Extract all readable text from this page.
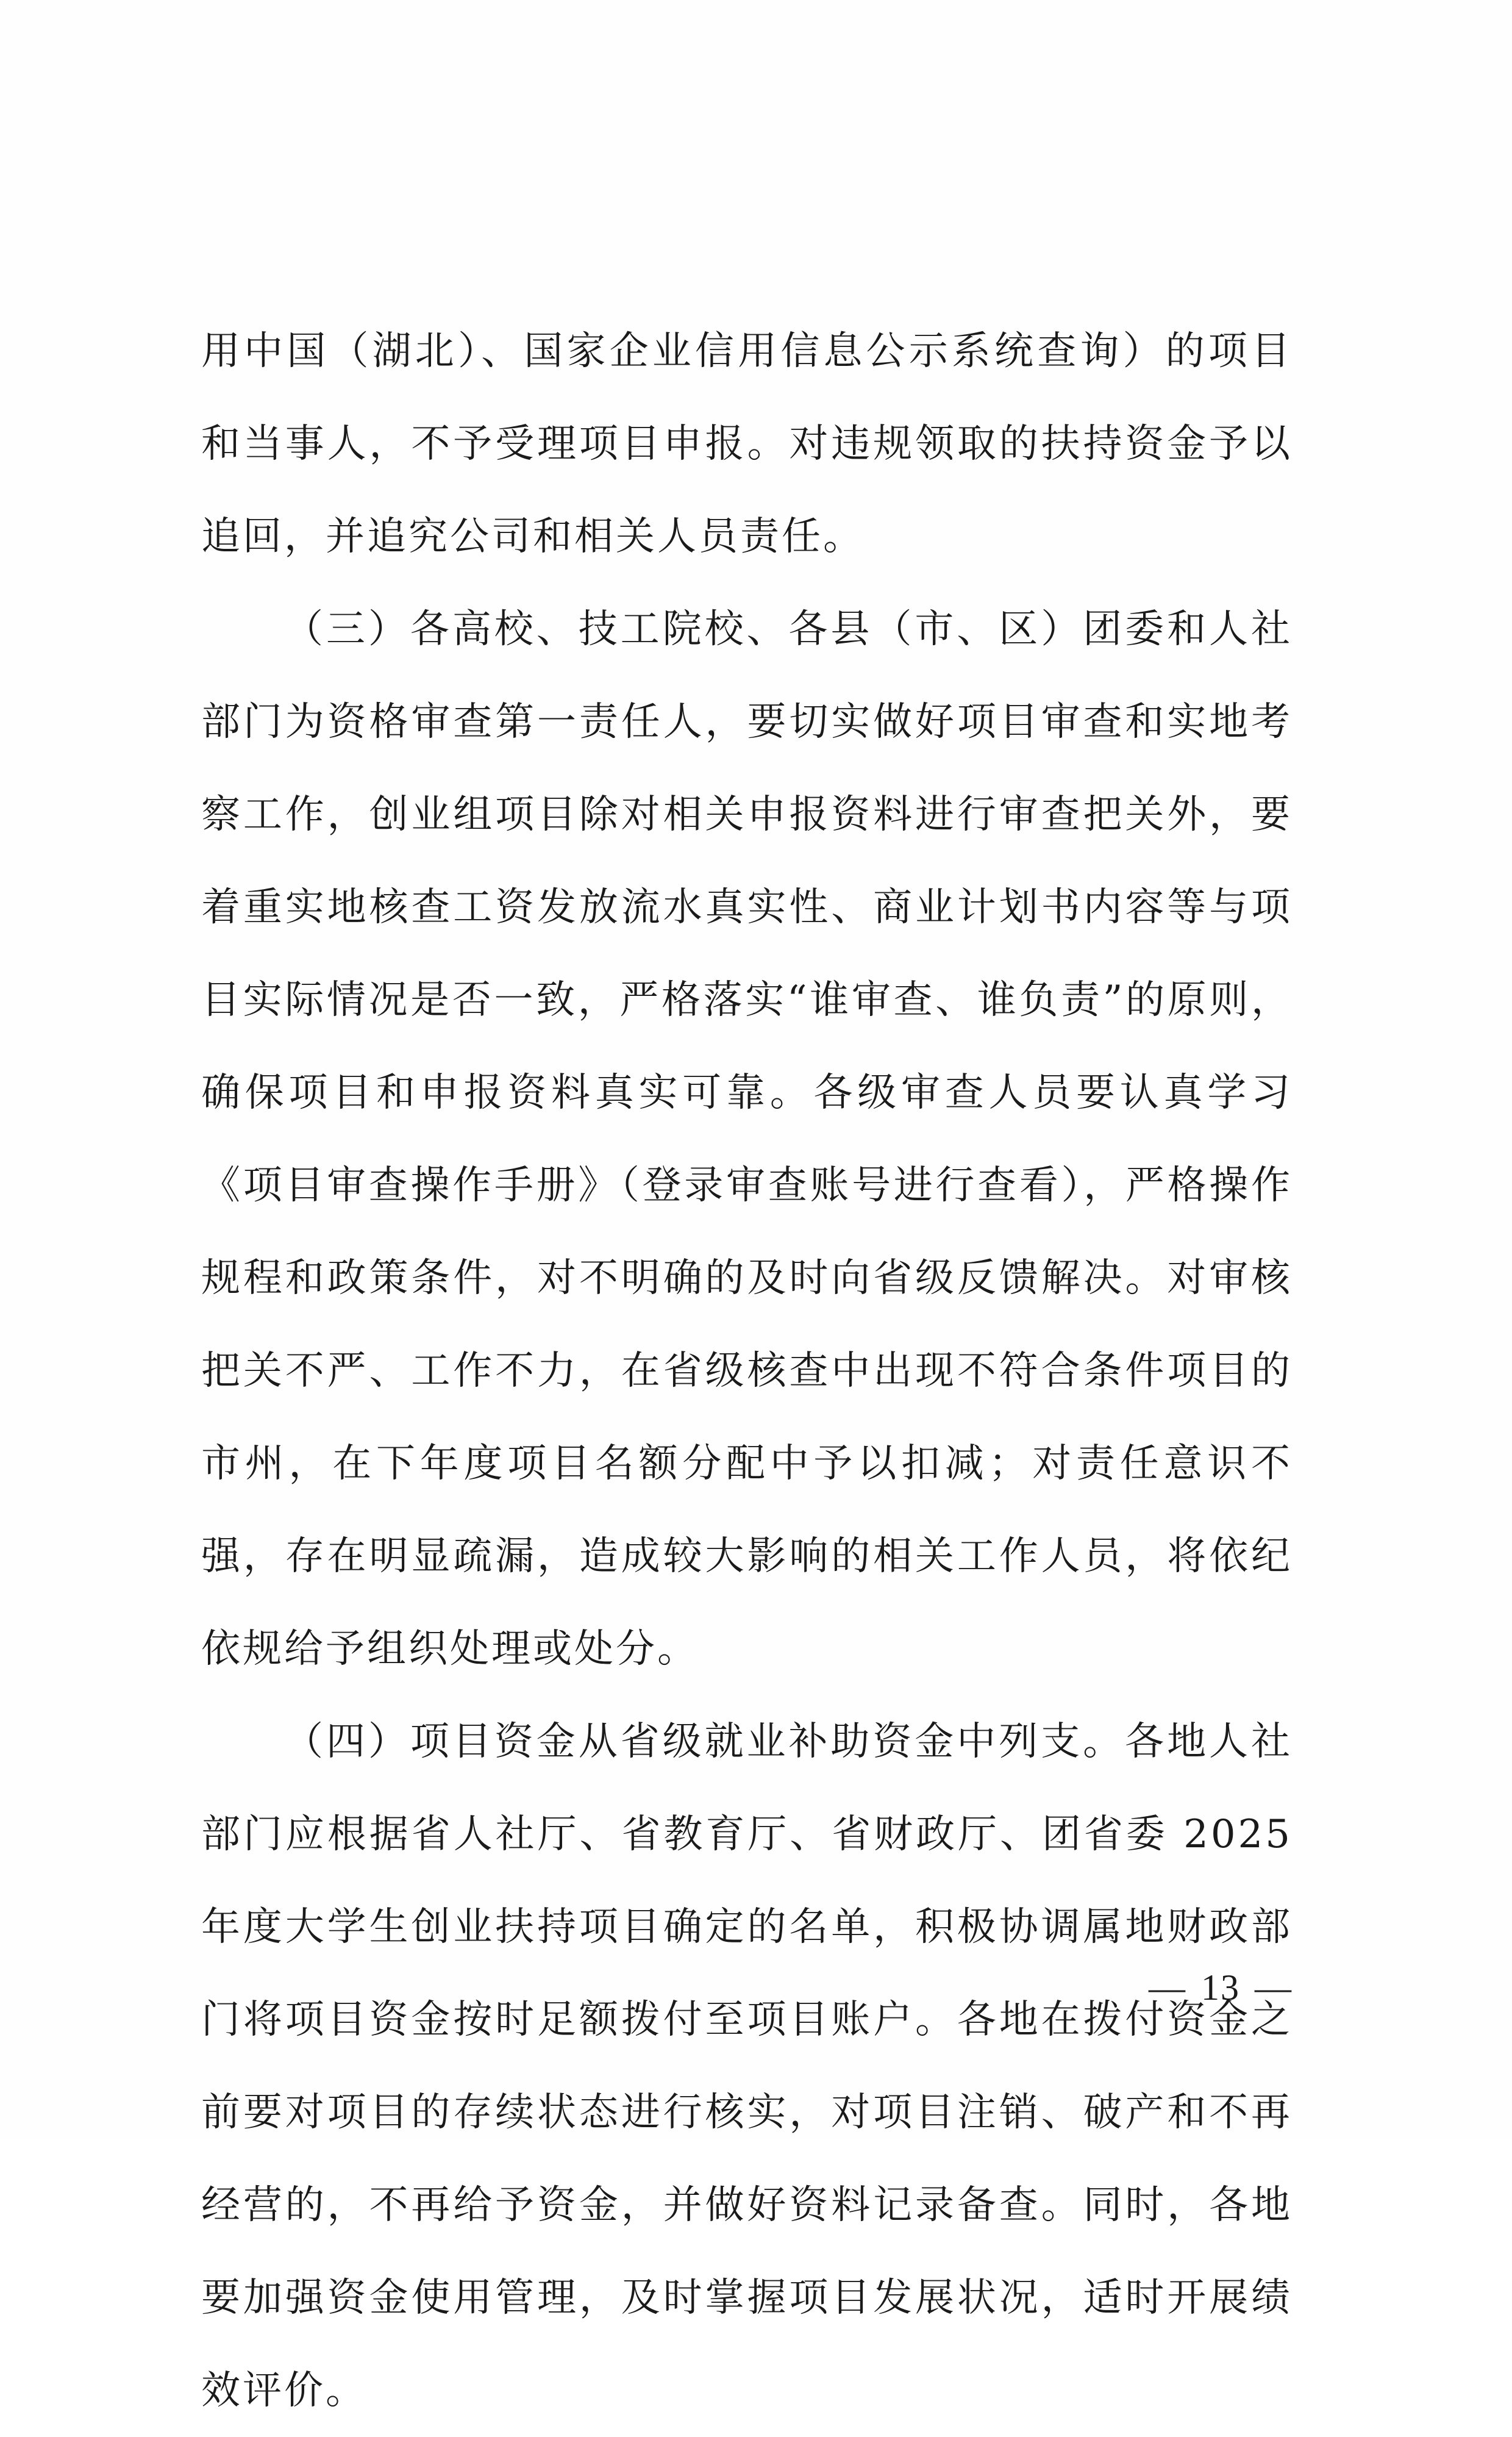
用中国（湖北）、国家企业信用信息公示系统查询）的项目和当事人，不予受理项目申报。对违规领取的扶持资金予以追回，并追究公司和相关人员责任。

（三）各高校、技工院校、各县（市、区）团委和人社部门为资格审查第一责任人，要切实做好项目审查和实地考察工作，创业组项目除对相关申报资料进行审查把关外，要着重实地核查工资发放流水真实性、商业计划书内容等与项目实际情况是否一致，严格落实“谁审查、谁负责”的原则，确保项目和申报资料真实可靠。各级审查人员要认真学习《项目审查操作手册》（登录审查账号进行查看），严格操作规程和政策条件，对不明确的及时向省级反馈解决。对审核把关不严、工作不力，在省级核查中出现不符合条件项目的市州，在下年度项目名额分配中予以扣减；对责任意识不强，存在明显疏漏，造成较大影响的相关工作人员，将依纪依规给予组织处理或处分。

（四）项目资金从省级就业补助资金中列支。各地人社部门应根据省人社厅、省教育厅、省财政厅、团省委 2025 年度大学生创业扶持项目确定的名单，积极协调属地财政部门将项目资金按时足额拨付至项目账户。各地在拨付资金之前要对项目的存续状态进行核实，对项目注销、破产和不再经营的，不再给予资金，并做好资料记录备查。同时，各地要加强资金使用管理，及时掌握项目发展状况，适时开展绩效评价。

— 13 —
